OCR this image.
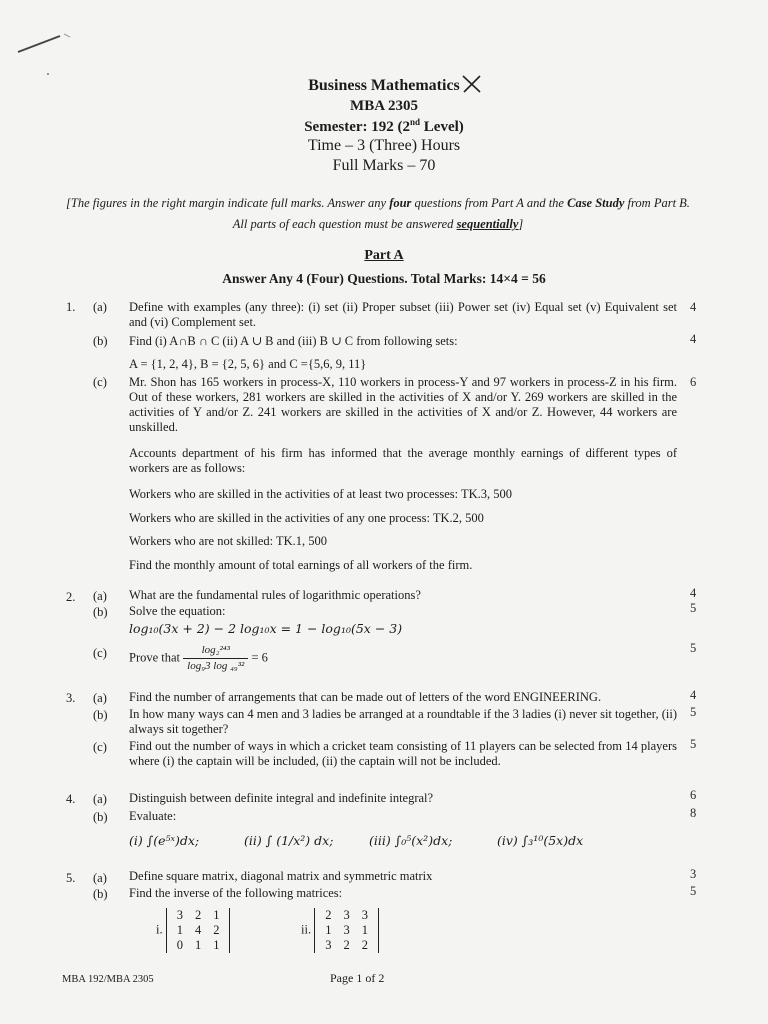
Business Mathematics
MBA 2305
Semester: 192 (2nd Level)
Time – 3 (Three) Hours
Full Marks – 70
[The figures in the right margin indicate full marks. Answer any four questions from Part A and the Case Study from Part B. All parts of each question must be answered sequentially]
Part A
Answer Any 4 (Four) Questions. Total Marks: 14×4 = 56
1. (a) Define with examples (any three): (i) set (ii) Proper subset (iii) Power set (iv) Equal set (v) Equivalent set and (vi) Complement set.
4
(b) Find (i) A∩B ∩ C (ii) A ∪ B and (iii) B ∪ C from following sets:	4
A = {1, 2, 4}, B = {2, 5, 6} and C ={5,6, 9, 11}
(c) Mr. Shon has 165 workers in process-X, 110 workers in process-Y and 97 workers in process-Z in his firm. Out of these workers, 281 workers are skilled in the activities of X and/or Y. 269 workers are skilled in the activities of Y and/or Z. 241 workers are skilled in the activities of X and/or Z. However, 44 workers are unskilled.
6
Accounts department of his firm has informed that the average monthly earnings of different types of workers are as follows:
Workers who are skilled in the activities of at least two processes: TK.3, 500
Workers who are skilled in the activities of any one process: TK.2, 500
Workers who are not skilled: TK.1, 500
Find the monthly amount of total earnings of all workers of the firm.
2. (a) What are the fundamental rules of logarithmic operations?	4
(b) Solve the equation:	5
log₁₀(3x + 2) − 2 log₁₀x = 1 − log₁₀(5x − 3)
(c) Prove that $\frac{\text{log₂²⁴³}}{\text{log₉3 log ₄₉³²}} = 6$
5
3. (a) Find the number of arrangements that can be made out of letters of the word ENGINEERING.	4
(b) In how many ways can 4 men and 3 ladies be arranged at a roundtable if the 3 ladies (i) never sit together, (ii) always sit together?
5
(c) Find out the number of ways in which a cricket team consisting of 11 players can be selected from 14 players where (i) the captain will be included, (ii) the captain will not be included.
5
4. (a) Distinguish between definite integral and indefinite integral?	6
(b) Evaluate:	8
(i) ∫(e⁵ˣ)dx;	(ii) ∫ (1/x²) dx;	(iii) ∫₀⁵(x²)dx;	(iv) ∫₃¹⁰(5x)dx
5. (a) Define square matrix, diagonal matrix and symmetric matrix	3
(b) Find the inverse of the following matrices:	5
i.
3	2	1
1	4	2
0	1	1
ii.
2	3	3
1	3	1
3	2	2
MBA 192/MBA 2305	Page 1 of 2
